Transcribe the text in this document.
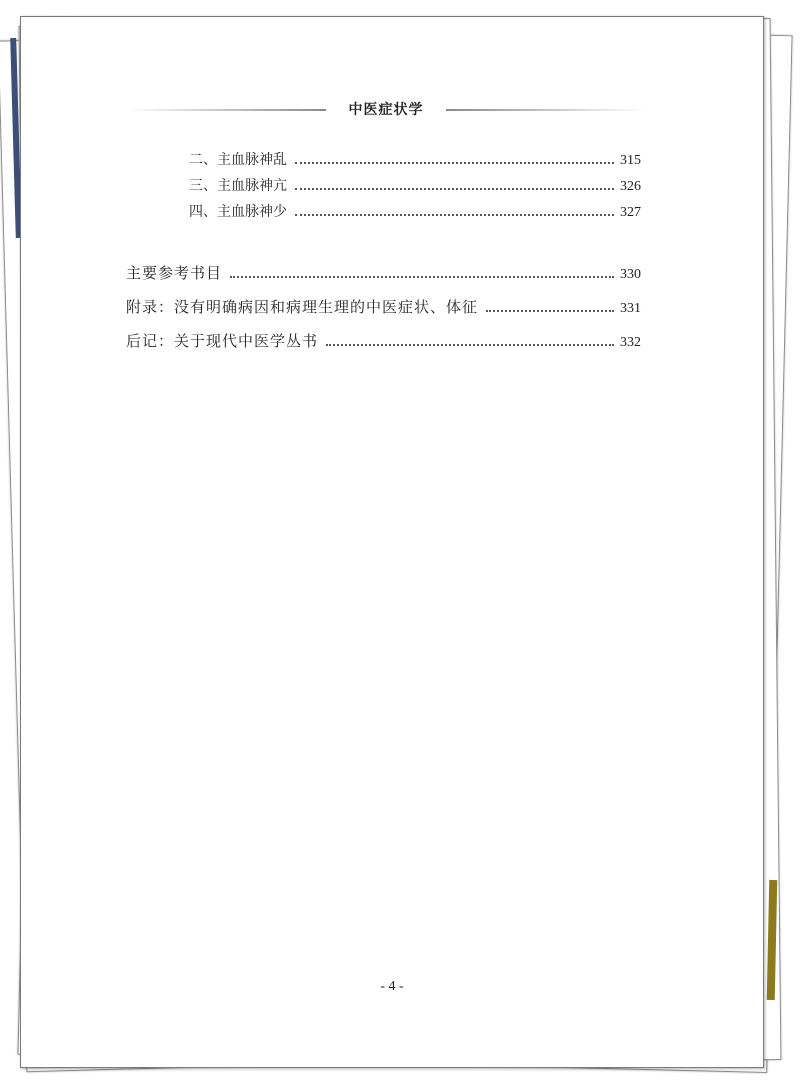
中医症状学
二、主血脉神乱	315
三、主血脉神亢	326
四、主血脉神少	327
主要参考书目	330
附录：没有明确病因和病理生理的中医症状、体征	331
后记：关于现代中医学丛书	332
- 4 -
